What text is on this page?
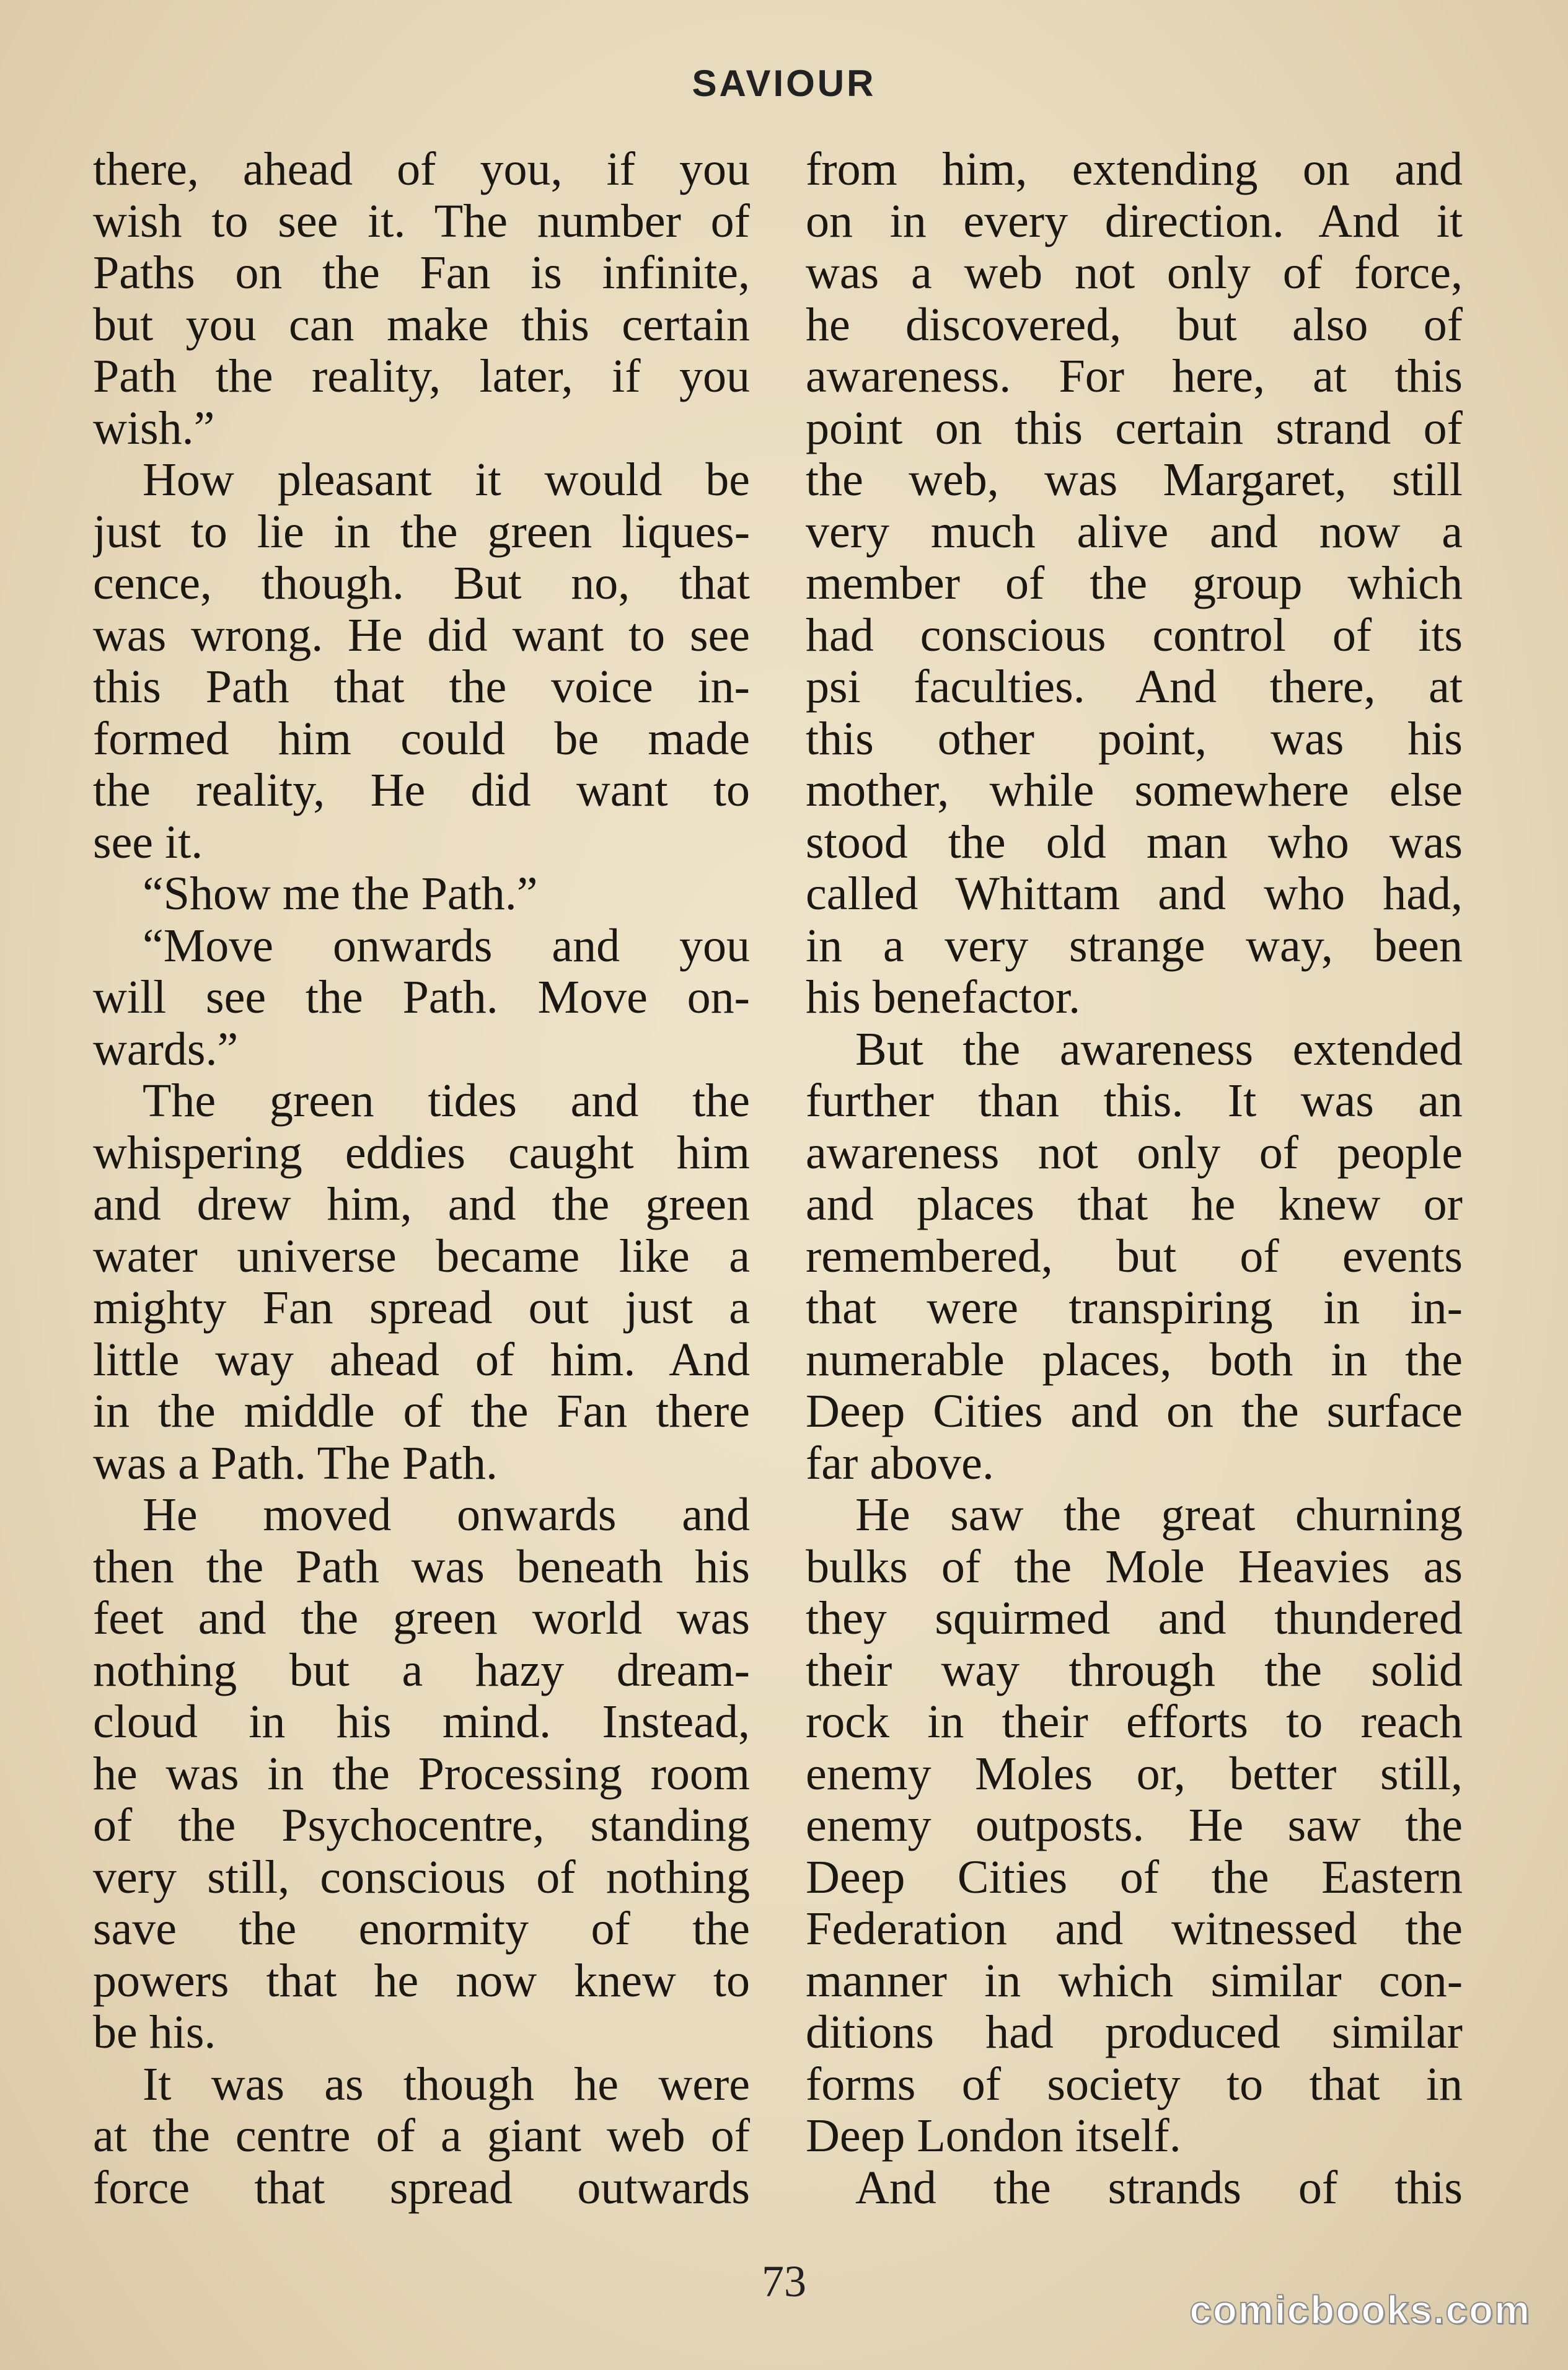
SAVIOUR
there, ahead of you, if you
wish to see it. The number of
Paths on the Fan is infinite,
but you can make this certain
Path the reality, later, if you
wish.”
How pleasant it would be
just to lie in the green liques-
cence, though. But no, that
was wrong. He did want to see
this Path that the voice in-
formed him could be made
the reality, He did want to
see it.
“Show me the Path.”
“Move onwards and you
will see the Path. Move on-
wards.”
The green tides and the
whispering eddies caught him
and drew him, and the green
water universe became like a
mighty Fan spread out just a
little way ahead of him. And
in the middle of the Fan there
was a Path. The Path.
He moved onwards and
then the Path was beneath his
feet and the green world was
nothing but a hazy dream-
cloud in his mind. Instead,
he was in the Processing room
of the Psychocentre, standing
very still, conscious of nothing
save the enormity of the
powers that he now knew to
be his.
It was as though he were
at the centre of a giant web of
force that spread outwards
from him, extending on and
on in every direction. And it
was a web not only of force,
he discovered, but also of
awareness. For here, at this
point on this certain strand of
the web, was Margaret, still
very much alive and now a
member of the group which
had conscious control of its
psi faculties. And there, at
this other point, was his
mother, while somewhere else
stood the old man who was
called Whittam and who had,
in a very strange way, been
his benefactor.
But the awareness extended
further than this. It was an
awareness not only of people
and places that he knew or
remembered, but of events
that were transpiring in in-
numerable places, both in the
Deep Cities and on the surface
far above.
He saw the great churning
bulks of the Mole Heavies as
they squirmed and thundered
their way through the solid
rock in their efforts to reach
enemy Moles or, better still,
enemy outposts. He saw the
Deep Cities of the Eastern
Federation and witnessed the
manner in which similar con-
ditions had produced similar
forms of society to that in
Deep London itself.
And the strands of this
73
comicbooks.com
